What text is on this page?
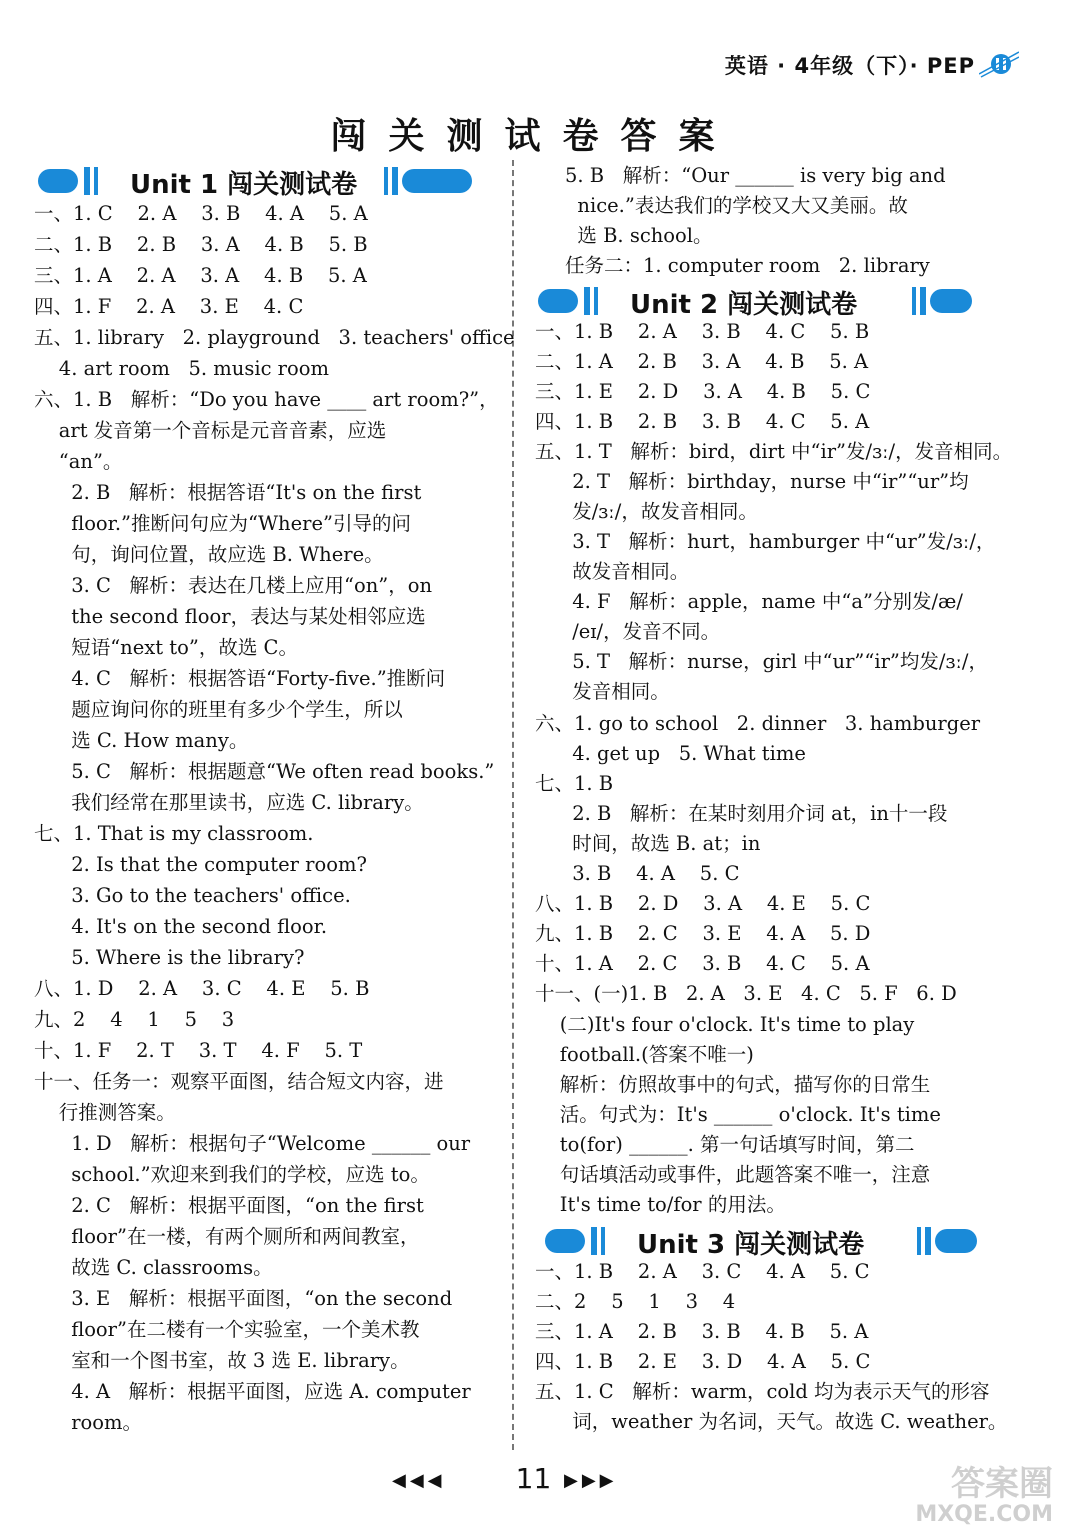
英语 · 4年级（下）· PEP
闯关测试卷答案
Unit 1 闯关测试卷
Unit 2 闯关测试卷
Unit 3 闯关测试卷
一、1. C    2. A    3. B    4. A    5. A
二、1. B    2. B    3. A    4. B    5. B
三、1. A    2. A    3. A    4. B    5. A
四、1. F    2. A    3. E    4. C
五、1. library   2. playground   3. teachers' office
4. art room   5. music room
六、1. B   解析：“Do you have ____ art room?”，
art 发音第一个音标是元音音素，应选
“an”。
2. B   解析：根据答语“It's on the first
floor.”推断问句应为“Where”引导的问
句，询问位置，故应选 B. Where。
3. C   解析：表达在几楼上应用“on”，on
the second floor，表达与某处相邻应选
短语“next to”，故选 C。
4. C   解析：根据答语“Forty-five.”推断问
题应询问你的班里有多少个学生，所以
选 C. How many。
5. C   解析：根据题意“We often read books.”
我们经常在那里读书，应选 C. library。
七、1. That is my classroom.
2. Is that the computer room?
3. Go to the teachers' office.
4. It's on the second floor.
5. Where is the library?
八、1. D    2. A    3. C    4. E    5. B
九、2    4    1    5    3
十、1. F    2. T    3. T    4. F    5. T
十一、任务一：观察平面图，结合短文内容，进
行推测答案。
1. D   解析：根据句子“Welcome ______ our
school.”欢迎来到我们的学校，应选 to。
2. C   解析：根据平面图，“on the first
floor”在一楼，有两个厕所和两间教室，
故选 C. classrooms。
3. E   解析：根据平面图，“on the second
floor”在二楼有一个实验室，一个美术教
室和一个图书室，故 3 选 E. library。
4. A   解析：根据平面图，应选 A. computer
room。
5. B   解析：“Our ______ is very big and
nice.”表达我们的学校又大又美丽。故
选 B. school。
任务二：1. computer room   2. library
一、1. B    2. A    3. B    4. C    5. B
二、1. A    2. B    3. A    4. B    5. A
三、1. E    2. D    3. A    4. B    5. C
四、1. B    2. B    3. B    4. C    5. A
五、1. T   解析：bird，dirt 中“ir”发/ɜː/，发音相同。
2. T   解析：birthday，nurse 中“ir”“ur”均
发/ɜː/，故发音相同。
3. T   解析：hurt，hamburger 中“ur”发/ɜː/，
故发音相同。
4. F   解析：apple，name 中“a”分别发/æ/
/eɪ/，发音不同。
5. T   解析：nurse，girl 中“ur”“ir”均发/ɜː/，
发音相同。
六、1. go to school   2. dinner   3. hamburger
4. get up   5. What time
七、1. B
2. B   解析：在某时刻用介词 at，in十一段
时间，故选 B. at；in
3. B    4. A    5. C
八、1. B    2. D    3. A    4. E    5. C
九、1. B    2. C    3. E    4. A    5. D
十、1. A    2. C    3. B    4. C    5. A
十一、(一)1. B   2. A   3. E   4. C   5. F   6. D
(二)It's four o'clock. It's time to play
football.(答案不唯一)
解析：仿照故事中的句式，描写你的日常生
活。句式为：It's ______ o'clock. It's time
to(for) ______. 第一句话填写时间，第二
句话填活动或事件，此题答案不唯一，注意
It's time to/for 的用法。
一、1. B    2. A    3. C    4. A    5. C
二、2    5    1    3    4
三、1. A    2. B    3. B    4. B    5. A
四、1. B    2. E    3. D    4. A    5. C
五、1. C   解析：warm，cold 均为表示天气的形容
词，weather 为名词，天气。故选 C. weather。
◀◀◀	11 ▶▶▶	答案圈
MXQE.COM
